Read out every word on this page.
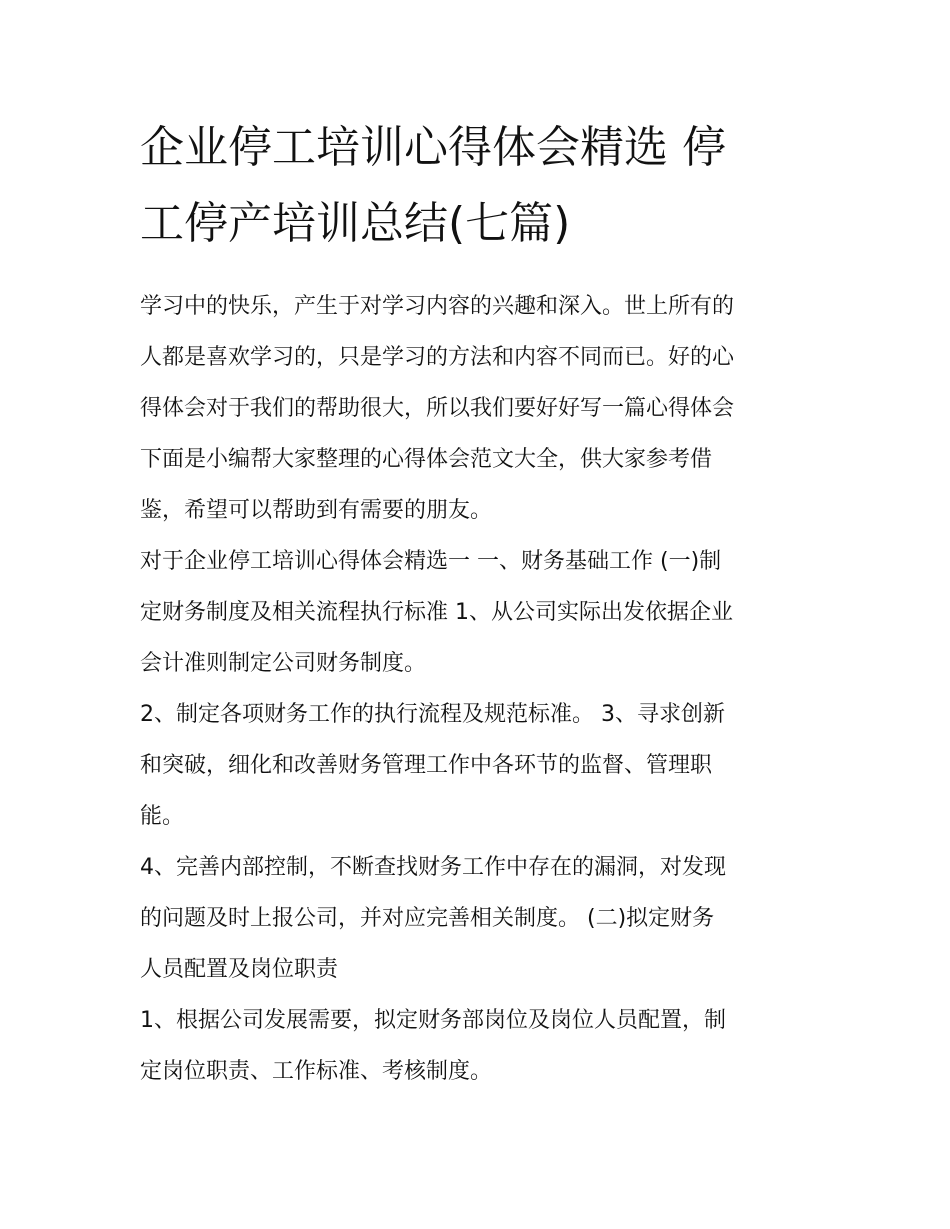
企业停工培训心得体会精选 停
工停产培训总结(七篇)

学习中的快乐，产生于对学习内容的兴趣和深入。世上所有的
人都是喜欢学习的，只是学习的方法和内容不同而已。好的心
得体会对于我们的帮助很大，所以我们要好好写一篇心得体会
下面是小编帮大家整理的心得体会范文大全，供大家参考借
鉴，希望可以帮助到有需要的朋友。

对于企业停工培训心得体会精选一 一、财务基础工作 (一)制
定财务制度及相关流程执行标准 1、从公司实际出发依据企业
会计准则制定公司财务制度。

2、制定各项财务工作的执行流程及规范标准。 3、寻求创新
和突破，细化和改善财务管理工作中各环节的监督、管理职
能。

4、完善内部控制，不断查找财务工作中存在的漏洞，对发现
的问题及时上报公司，并对应完善相关制度。 (二)拟定财务
人员配置及岗位职责

1、根据公司发展需要，拟定财务部岗位及岗位人员配置，制
定岗位职责、工作标准、考核制度。
